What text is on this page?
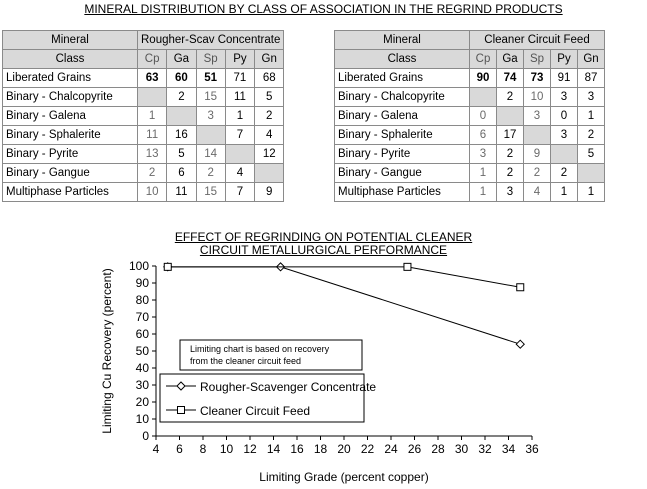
MINERAL DISTRIBUTION BY CLASS OF ASSOCIATION IN THE REGRIND PRODUCTS
Mineral	Rougher-Scav Concentrate				
Class	Cp	Ga	Sp	Py	Gn
Liberated Grains	63	60	51	71	68
Binary - Chalcopyrite		2	15	11	5
Binary - Galena	1		3	1	2
Binary - Sphalerite	11	16		7	4
Binary - Pyrite	13	5	14		12
Binary - Gangue	2	6	2	4	
Multiphase Particles	10	11	15	7	9
Mineral	Cleaner Circuit Feed				
Class	Cp	Ga	Sp	Py	Gn
Liberated Grains	90	74	73	91	87
Binary - Chalcopyrite		2	10	3	3
Binary - Galena	0		3	0	1
Binary - Sphalerite	6	17		3	2
Binary - Pyrite	3	2	9		5
Binary - Gangue	1	2	2	2	
Multiphase Particles	1	3	4	1	1
EFFECT OF REGRINDING ON POTENTIAL CLEANER
CIRCUIT METALLURGICAL PERFORMANCE
4 6 8 10 12 14 16 18 20 22 24 26 28 30 32 34 36
0
10
20
30
40
50
60
70
80
90
100
Limiting Grade (percent copper)
Limiting Cu Recovery (percent)	Limiting chart is based on recovery
from the cleaner circuit feed
Rougher-Scavenger Concentrate
Cleaner Circuit Feed
